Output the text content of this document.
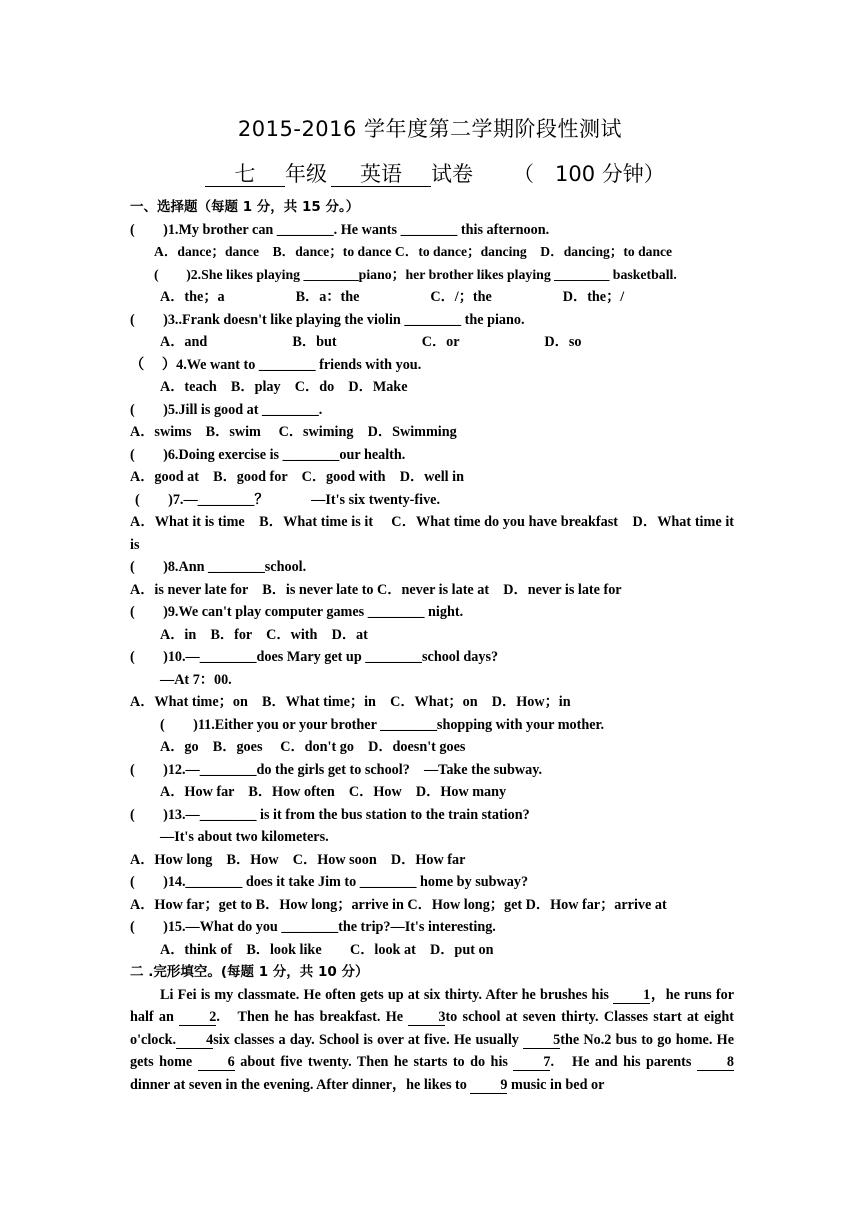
2015-2016 学年度第二学期阶段性测试
七 年级 英语 试卷 （　100 分钟）
一、选择题（每题 1 分，共 15 分。）
(　　)1.My brother can ________. He wants ________ this afternoon.
A．dance；dance　B．dance；to dance C．to dance；dancing　D．dancing；to dance
(　　)2.She likes playing ________piano；her brother likes playing ________ basketball.
A．the；a　　　　　B．a：the　　　　　C．/；the　　　　　D．the；/
(　　)3..Frank doesn't like playing the violin ________ the piano.
A．and　　　　　　B．but　　　　　　C．or　　　　　　D．so
（　 ）4.We want to ________ friends with you.
A．teach　B．play　C．do　D．Make
(　　)5.Jill is good at ________.
A．swims　B．swim　 C．swiming　D．Swimming
(　　)6.Doing exercise is ________our health.
A．good at　B．good for　C．good with　D．well in
(　　)7.—________？　　　—It's six twenty-five.
A．What it is time　B．What time is it　 C．What time do you have breakfast　D．What time it is
(　　)8.Ann ________school.
A．is never late for　B．is never late to C．never is late at　D．never is late for
(　　)9.We can't play computer games ________ night.
A．in　B．for　C．with　D．at
(　　)10.—________does Mary get up ________school days?
—At 7：00.
A．What time；on　B．What time；in　C．What；on　D．How；in
(　　)11.Either you or your brother ________shopping with your mother.
A．go　B．goes　 C．don't go　D．doesn't goes
(　　)12.—________do the girls get to school?　—Take the subway.
A．How far　B．How often　C．How　D．How many
(　　)13.—________ is it from the bus station to the train station?
—It's about two kilometers.
A．How long　B．How　C．How soon　D．How far
(　　)14.________ does it take Jim to ________ home by subway?
A．How far；get to B．How long；arrive in C．How long；get D．How far；arrive at
(　　)15.—What do you ________the trip?—It's interesting.
A．think of　B．look like　　C．look at　D．put on
二 .完形填空。(每题 1 分，共 10 分）
Li Fei is my classmate. He often gets up at six thirty. After he brushes his 1，he runs for half an 2.　Then he has breakfast. He 3to school at seven thirty. Classes start at eight o'clock. 4six classes a day. School is over at five. He usually 5the No.2 bus to go home. He gets home 6 about five twenty. Then he starts to do his 7.　He and his parents 8 dinner at seven in the evening. After dinner，he likes to 9 music in bed or
